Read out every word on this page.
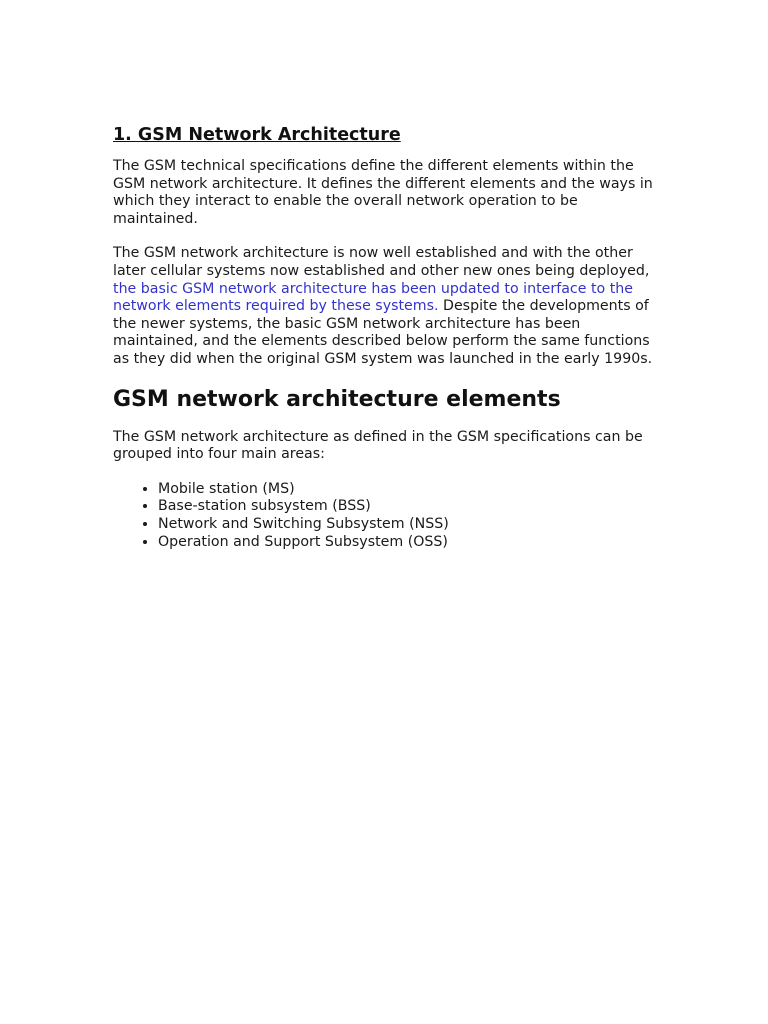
1. GSM Network Architecture

The GSM technical specifications define the different elements within the GSM network architecture. It defines the different elements and the ways in which they interact to enable the overall network operation to be maintained.

The GSM network architecture is now well established and with the other later cellular systems now established and other new ones being deployed, the basic GSM network architecture has been updated to interface to the network elements required by these systems. Despite the developments of the newer systems, the basic GSM network architecture has been maintained, and the elements described below perform the same functions as they did when the original GSM system was launched in the early 1990s.

GSM network architecture elements

The GSM network architecture as defined in the GSM specifications can be grouped into four main areas:

• Mobile station (MS)
• Base-station subsystem (BSS)
• Network and Switching Subsystem (NSS)
• Operation and Support Subsystem (OSS)
